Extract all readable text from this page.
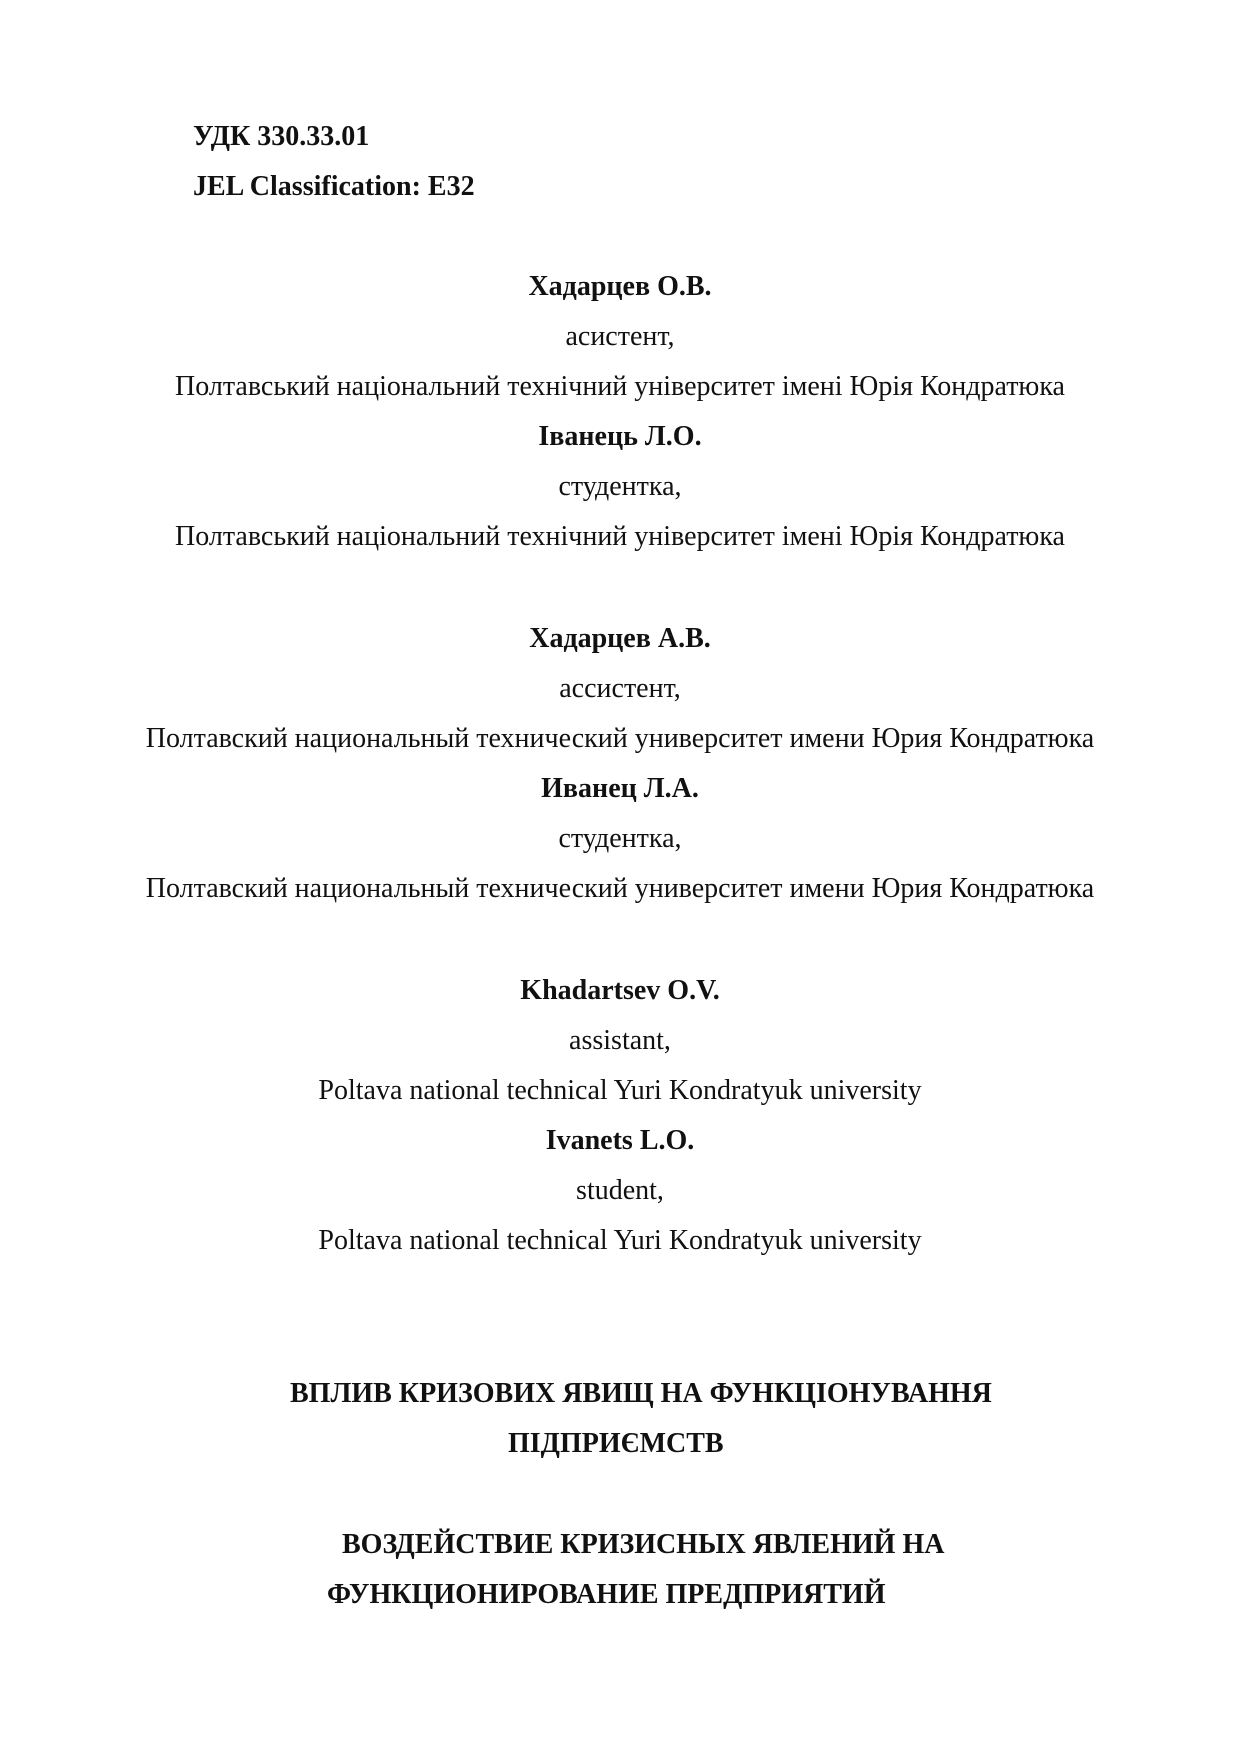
УДК 330.33.01
JEL Classification: E32
Хадарцев О.В.
асистент,
Полтавський національний технічний університет імені Юрія Кондратюка
Іванець Л.О.
студентка,
Полтавський національний технічний університет імені Юрія Кондратюка
Хадарцев А.В.
ассистент,
Полтавский национальный технический университет имени Юрия Кондратюка
Иванец Л.А.
студентка,
Полтавский национальный технический университет имени Юрия Кондратюка
Khadartsev O.V.
assistant,
Poltava national technical Yuri Kondratyuk university
Ivanets L.O.
student,
Poltava national technical Yuri Kondratyuk university
ВПЛИВ КРИЗОВИХ ЯВИЩ НА ФУНКЦІОНУВАННЯ
ПІДПРИЄМСТВ
ВОЗДЕЙСТВИЕ КРИЗИСНЫХ ЯВЛЕНИЙ НА
ФУНКЦИОНИРОВАНИЕ ПРЕДПРИЯТИЙ
